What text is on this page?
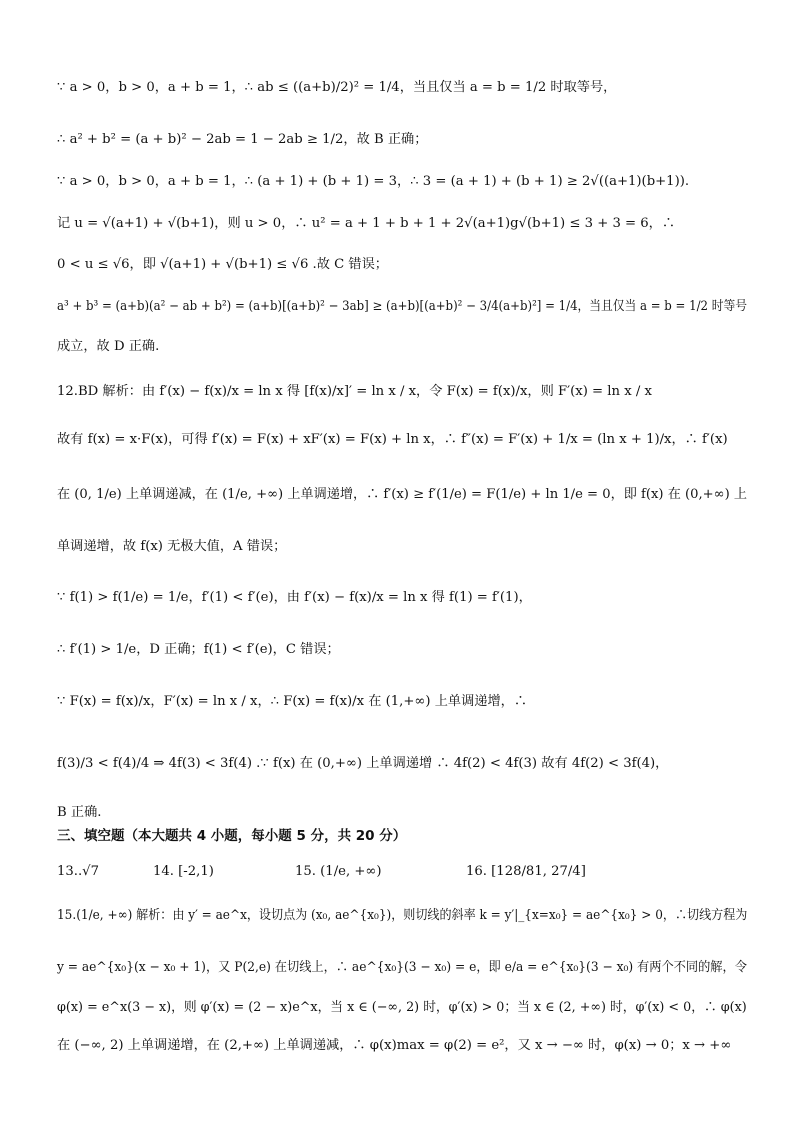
∵ a > 0，b > 0，a + b = 1，∴ ab ≤ ((a+b)/2)² = 1/4，当且仅当 a = b = 1/2 时取等号，
∴ a² + b² = (a + b)² − 2ab = 1 − 2ab ≥ 1/2，故 B 正确；
∵ a > 0，b > 0，a + b = 1，∴ (a + 1) + (b + 1) = 3，∴ 3 = (a + 1) + (b + 1) ≥ 2√((a+1)(b+1)).
记 u = √(a+1) + √(b+1)，则 u > 0，∴ u² = a + 1 + b + 1 + 2√(a+1)g√(b+1) ≤ 3 + 3 = 6，∴
0 < u ≤ √6，即 √(a+1) + √(b+1) ≤ √6 .故 C 错误；
a³ + b³ = (a+b)(a² − ab + b²) = (a+b)[(a+b)² − 3ab] ≥ (a+b)[(a+b)² − 3/4(a+b)²] = 1/4，当且仅当 a = b = 1/2 时等号
成立，故 D 正确.
12.BD 解析：由 f′(x) − f(x)/x = ln x 得 [f(x)/x]′ = ln x / x，令 F(x) = f(x)/x，则 F′(x) = ln x / x
故有 f(x) = x·F(x)，可得 f′(x) = F(x) + xF′(x) = F(x) + ln x，∴ f″(x) = F′(x) + 1/x = (ln x + 1)/x，∴ f′(x)
在 (0, 1/e) 上单调递减，在 (1/e, +∞) 上单调递增，∴ f′(x) ≥ f′(1/e) = F(1/e) + ln 1/e = 0，即 f(x) 在 (0,+∞) 上
单调递增，故 f(x) 无极大值，A 错误；
∵ f(1) > f(1/e) = 1/e，f′(1) < f′(e)，由 f′(x) − f(x)/x = ln x 得 f(1) = f′(1)，
∴ f′(1) > 1/e，D 正确；f(1) < f′(e)，C 错误；
∵ F(x) = f(x)/x，F′(x) = ln x / x，∴ F(x) = f(x)/x 在 (1,+∞) 上单调递增，∴
f(3)/3 < f(4)/4 ⇒ 4f(3) < 3f(4) .∵ f(x) 在 (0,+∞) 上单调递增 ∴ 4f(2) < 4f(3) 故有 4f(2) < 3f(4)，
B 正确.
三、填空题（本大题共 4 小题，每小题 5 分，共 20 分）
13..√7	14. [-2,1)	15. (1/e, +∞)	16. [128/81, 27/4]
15.(1/e, +∞) 解析：由 y′ = ae^x，设切点为 (x₀, ae^{x₀})，则切线的斜率 k = y′|_{x=x₀} = ae^{x₀} > 0，∴切线方程为
y = ae^{x₀}(x − x₀ + 1)，又 P(2,e) 在切线上，∴ ae^{x₀}(3 − x₀) = e，即 e/a = e^{x₀}(3 − x₀) 有两个不同的解，令
φ(x) = e^x(3 − x)，则 φ′(x) = (2 − x)e^x，当 x ∈ (−∞, 2) 时，φ′(x) > 0；当 x ∈ (2, +∞) 时，φ′(x) < 0，∴ φ(x)
在 (−∞, 2) 上单调递增，在 (2,+∞) 上单调递减，∴ φ(x)max = φ(2) = e²，又 x → −∞ 时，φ(x) → 0；x → +∞
